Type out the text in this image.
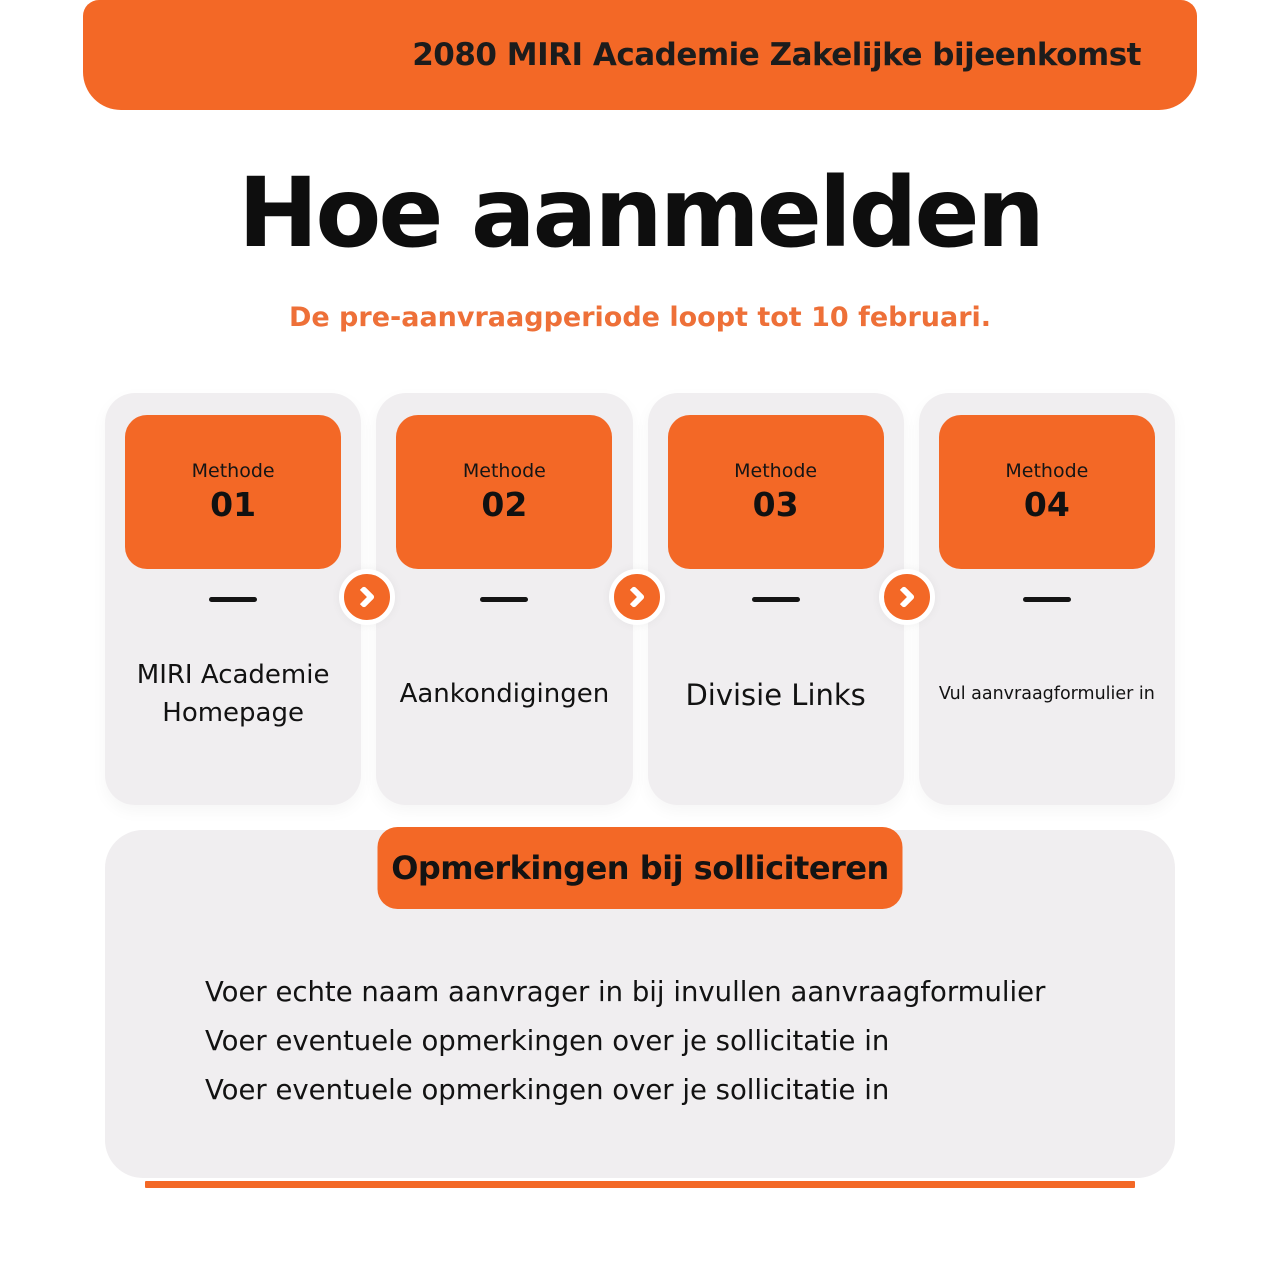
2080 MIRI Academie Zakelijke bijeenkomst
Hoe aanmelden
De pre-aanvraagperiode loopt tot 10 februari.
Methode
01
MIRI Academie Homepage
Methode
02
Aankondigingen
Methode
03
Divisie Links
Methode
04
Vul aanvraagformulier in
Opmerkingen bij solliciteren

Voer echte naam aanvrager in bij invullen aanvraagformulier

Voer eventuele opmerkingen over je sollicitatie in

Voer eventuele opmerkingen over je sollicitatie in
